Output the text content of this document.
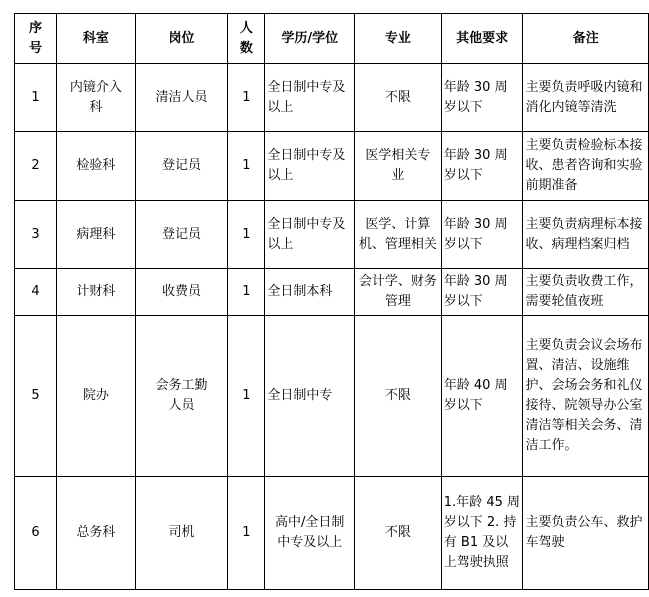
序号	科室	岗位	人数	学历/学位	专业	其他要求	备注
1	内镜介入科	清洁人员	1	全日制中专及以上	不限	年龄 30 周岁以下	主要负责呼吸内镜和消化内镜等清洗
2	检验科	登记员	1	全日制中专及以上	医学相关专业	年龄 30 周岁以下	主要负责检验标本接收、患者咨询和实验前期准备
3	病理科	登记员	1	全日制中专及以上	医学、计算机、管理相关	年龄 30 周岁以下	主要负责病理标本接收、病理档案归档
4	计财科	收费员	1	全日制本科	会计学、财务管理	年龄 30 周岁以下	主要负责收费工作，需要轮值夜班
5	院办	会务工勤人员	1	全日制中专	不限	年龄 40 周岁以下	主要负责会议会场布置、清洁、设施维护、会场会务和礼仪接待、院领导办公室清洁等相关会务、清洁工作。
6	总务科	司机	1	高中/全日制中专及以上	不限	1.年龄 45 周岁以下 2. 持有 B1 及以上驾驶执照	主要负责公车、救护车驾驶
